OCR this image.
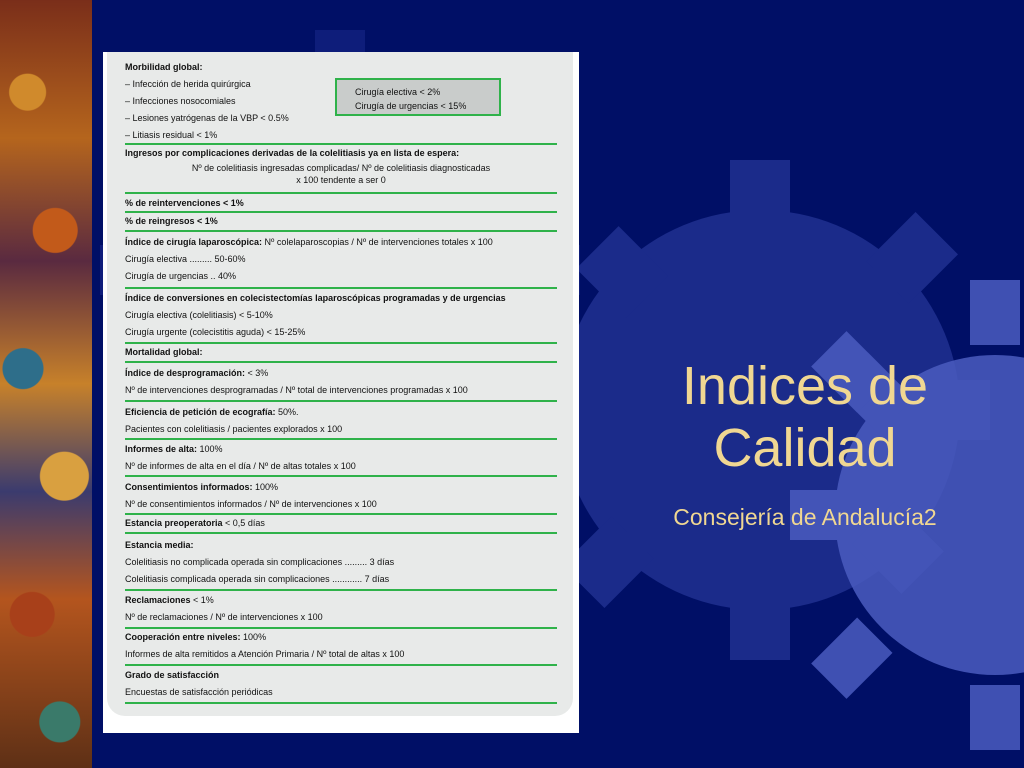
Morbilidad global:
– Infección de herida quirúrgica
– Infecciones nosocomiales
– Lesiones yatrógenas de la VBP < 0.5%
– Litiasis residual < 1%
Cirugía electiva < 2%
Cirugía de urgencias < 15%
Ingresos por complicaciones derivadas de la colelitiasis ya en lista de espera:
Nº de colelitiasis ingresadas complicadas/ Nº de colelitiasis diagnosticadas
x 100 tendente a ser 0
% de reintervenciones < 1%
% de reingresos < 1%
Índice de cirugía laparoscópica: Nº colelaparoscopias / Nº de intervenciones totales x 100
Cirugía electiva ......... 50-60%
Cirugía de urgencias .. 40%
Índice de conversiones en colecistectomías laparoscópicas programadas y de urgencias
Cirugía electiva (colelitiasis) < 5-10%
Cirugía urgente (colecistitis aguda) < 15-25%
Mortalidad global:
Índice de desprogramación: < 3%
Nº de intervenciones desprogramadas / Nº total de intervenciones programadas x 100
Eficiencia de petición de ecografía: 50%.
Pacientes con colelitiasis / pacientes explorados x 100
Informes de alta: 100%
Nº de informes de alta en el día / Nº de altas totales x 100
Consentimientos informados: 100%
Nº de consentimientos informados / Nº de intervenciones x 100
Estancia preoperatoria < 0,5 días
Estancia media:
Colelitiasis no complicada operada sin complicaciones ......... 3 días
Colelitiasis complicada operada sin complicaciones ............ 7 días
Reclamaciones < 1%
Nº de reclamaciones / Nº de intervenciones x 100
Cooperación entre niveles: 100%
Informes de alta remitidos a Atención Primaria / Nº total de altas x 100
Grado de satisfacción
Encuestas de satisfacción periódicas
Indices de
Calidad
Consejería de Andalucía2
